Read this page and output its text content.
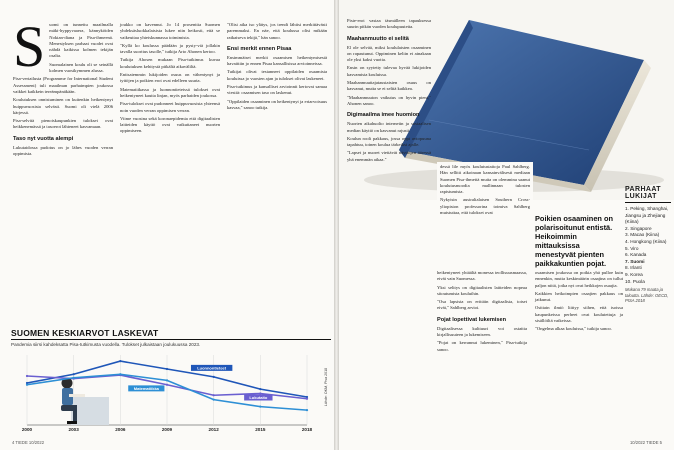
S uomi on tunnettu maailmalla mäki-hyppyvaaera, kännyköiden Nokian-diana ja Pisa-ihmeenä. Menestyksen parhaat vuodet ovat nähdä kaikissa kolmen tekijän osalta.

Suomalainen koulu oli se seinällä kolmen vuosikymmen alussa.

Pisa-vertailusta (Programme for International Student Assessment) tuli maailman parhaimpien joukossa vaikkei kaikkein tereämpänäkään.

Koulutuksen onnistuminen on kuitenkin heikentynyt huippuvuosista selvästi. Suomi oli vielä 2006 kärjessä.

Pisa-selvitä pienoiskaupunkien tulokset ovat heikkenemässä ja tasoerot lähteneet kasvamaan.

Taso nyt vuotta alempi

Lukutaidossa pudotus on jo lähes vuoden verran oppimista.

joukko on kavennut. Jo 14 prosenttia Suomen yhdeksäsluokkalaisista lukee niin heikosti, että se vaikeuttaa yhteiskunnassa toimimista.

"Kyllä ko koulussa päädään ja pysty-viä jollakin tavalla suoritus tasolle," tutkija Arto Ahonen kertoo.

Tutkija Ahosen mukaan Pisa-tutkimus kuvaa koulutuksen kehitystä pitkältä aikaväliltä.

Entisaiemmin lukijoiden osuus on vähentynyt ja tyttöjen ja poikien erot ovat edelleen suuria.

Matematiikassa ja luonnontieteissä tulokset ovat heikentyneet kautta linjan, myös parhaiden joukossa.

Pisa-tulokset ovat pudonneet huippuvuosista yhteensä noin vuoden verran oppimisen verran.

Viime vuosina sekä koronaepidemia että digitaalisten laitteiden käyttö ovat vaikuttaneet nuorten oppimiseen.

"Olisi aika iso ylätys, jos trendi lähtisi merkittävästi paremmaksi. En näe, että koulussa olisi mikään ratkaiseva tekijä," hän sanoo.

Ensi merkit ennen Pisaa

Ensimmäiset merkit osaamisen heikentymisestä havaittiin jo ennen Pisaa kansallisissa arvioinneissa.

Tutkijat olivat testanneet oppilaiden osaamista kouluissa jo vuosien ajan ja tulokset olivat laskeneet.

Pisa-tutkimus ja kansalliset arvioinnit kertovat samaa viestiä: osaamisen taso on laskenut.

"Oppilaiden osaaminen on heikentynyt ja eriarvoisuus kasvaa," sanoo tutkija.

SUOMEN KESKIARVOT LASKEVAT
Pandemia siirsi kahdeksatta Pisa-tutkimusta vuodella. Tulokset julkaistaan joulukuussa 2023.
2000	2003	2006	2009	2012	2015	2018
Luonnontieteet
Lukutaito
Matematiikka	Lähde: OKM, Pisa 2018
4 TIEDE 10/2022

Piste-erot vastaa täsmälleen tapauksessa suurin pitkän vuoden koulupuutetta.

Maahanmuutto ei selitä

El ole selvää, miksi koululaisten osaaminen on rapautunut. Oppiminen keliin ei ainakaan ole yksi kaksi vuotta.

Ensin on syytetty tulevaa hyvää lukijoiden kasvamista kouluissa.

Maahanmuuttajataustaisten osuus on kasvanut, mutta se ei selitä kaikkea.

"Maahanmuuton vaikutus on hyvin pieni," Ahonen sanoo.

Digimaailma imee huomion

Nuorten aikahuolto internetin ja sosiaalisen median käyttö on kasvanut rajusti.

Koulun rooli pakkaus, jossa oppi aviopuuna tapahtuu, toinen koulua tärkeiksi ajalle.

"Lapset ja nuoret viettävät näyttöjen ääressä yhä enemmän aikaa."

dessä lile myös koulutustaitoja Paul Sahlberg. Hän sellitti aikoinaan kansainvälisesti mediaan Suomen Pisa-ihmettä mutta on olemmina saanut koulutusmoodia mallinnaan tulosten rapistumista.

Nykyisin australialaisen Southern Cross-yliopiston professorina toimiva Sahlberg muistuttaa, että tulokset ovat

Poikien osaaminen on polarisoitunut entistä. Heikoimmin mittauksissa menestyvät pienten paikkakuntien pojat.

heikentyneet yhtäältä monessa teollisuusmaassa, eivät vain Suomessa.

Yksi selitys on digitaalisten laitteiden nopeaa sitoutumista kouluihin.

"Osa lapsista on erittäin digitaalisia, toiset eivät," Sahlberg arvioi.

Pojat lopettivat lukemisen

Digitaalisessa kulttuuri voi ostaitta kirjallisuuteen ja lukemiseen.

"Pojat on kerrannut lukeminen," Pisa-tutkija sanoo.

osaamisen joukossa on poikia yhä pulloe kuin ennenkin, mutta keskimäärin osaajina on tullut paljon niitä, jotka nyt ovat heikkojen osaajia.

Kaikkien heikoimpien osaajien pakkaus on jatkunut.

Osittain ilmiö liittyy siihen, että isoissa kaupunkeissa perheet ovat koulutettuja ja sisällöiltä vaikeissa.

"Ongelma alkaa kouluissa," tutkija sanoo.

PARHAAT LUKIJAT
1. Peking, Shanghai, Jiangsu ja Zhejiang (Kiina)
2. Singapore
3. Macao (Kiina)
4. Hongkong (Kiina)
5. Viro
6. Kanada
7. Suomi
8. Irlanti
9. Korea
10. Puola
Mukana 79 maata ja taloutta. Lähde: OECD, PISA 2018
10/2022 TIEDE 5
